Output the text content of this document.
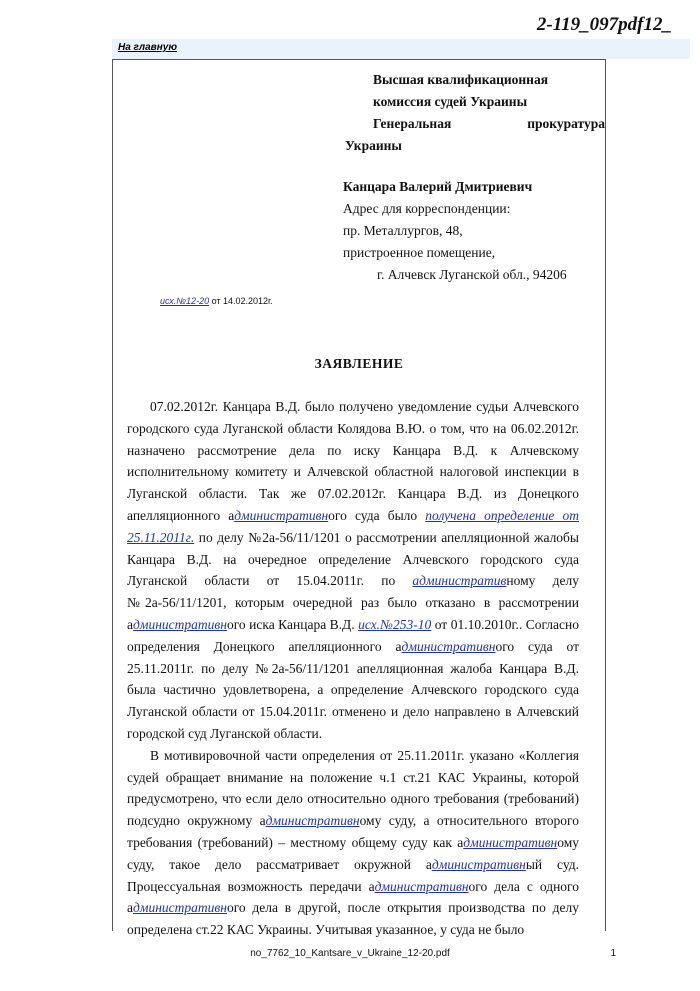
2-119_097pdf12_
На главную
Высшая квалификационная
комиссия судей Украины
Генеральная	прокуратура
Украины
Канцара Валерий Дмитриевич
Адрес для корреспонденции:
пр. Металлургов, 48,
пристроенное помещение,
г. Алчевск Луганской обл., 94206
исх.№12-20 от 14.02.2012г.
ЗАЯВЛЕНИЕ

07.02.2012г. Канцара В.Д. было получено уведомление судьи Алчевского городского суда Луганской области Колядова В.Ю. о том, что на 06.02.2012г. назначено рассмотрение дела по иску Канцара В.Д. к Алчевскому исполнительному комитету и Алчевской областной налоговой инспекции в Луганской области. Так же 07.02.2012г. Канцара В.Д. из Донецкого апелляционного административного суда было получена определение от 25.11.2011г. по делу №2а-56/11/1201 о рассмотрении апелляционной жалобы Канцара В.Д. на очередное определение Алчевского городского суда Луганской области от 15.04.2011г. по административному делу №2а-56/11/1201, которым очередной раз было отказано в рассмотрении административного иска Канцара В.Д. исх.№253-10 от 01.10.2010г.. Согласно определения Донецкого апелляционного административного суда от 25.11.2011г. по делу №2а-56/11/1201 апелляционная жалоба Канцара В.Д. была частично удовлетворена, а определение Алчевского городского суда Луганской области от 15.04.2011г. отменено и дело направлено в Алчевский городской суд Луганской области.

В мотивировочной части определения от 25.11.2011г. указано «Коллегия судей обращает внимание на положение ч.1 ст.21 КАС Украины, которой предусмотрено, что если дело относительно одного требования (требований) подсудно окружному административному суду, а относительного второго требования (требований) – местному общему суду как административному суду, такое дело рассматривает окружной административный суд. Процессуальная возможность передачи административного дела с одного административного дела в другой, после открытия производства по делу определена ст.22 КАС Украины. Учитывая указанное, у суда не было

no_7762_10_Kantsare_v_Ukraine_12-20.pdf	1
